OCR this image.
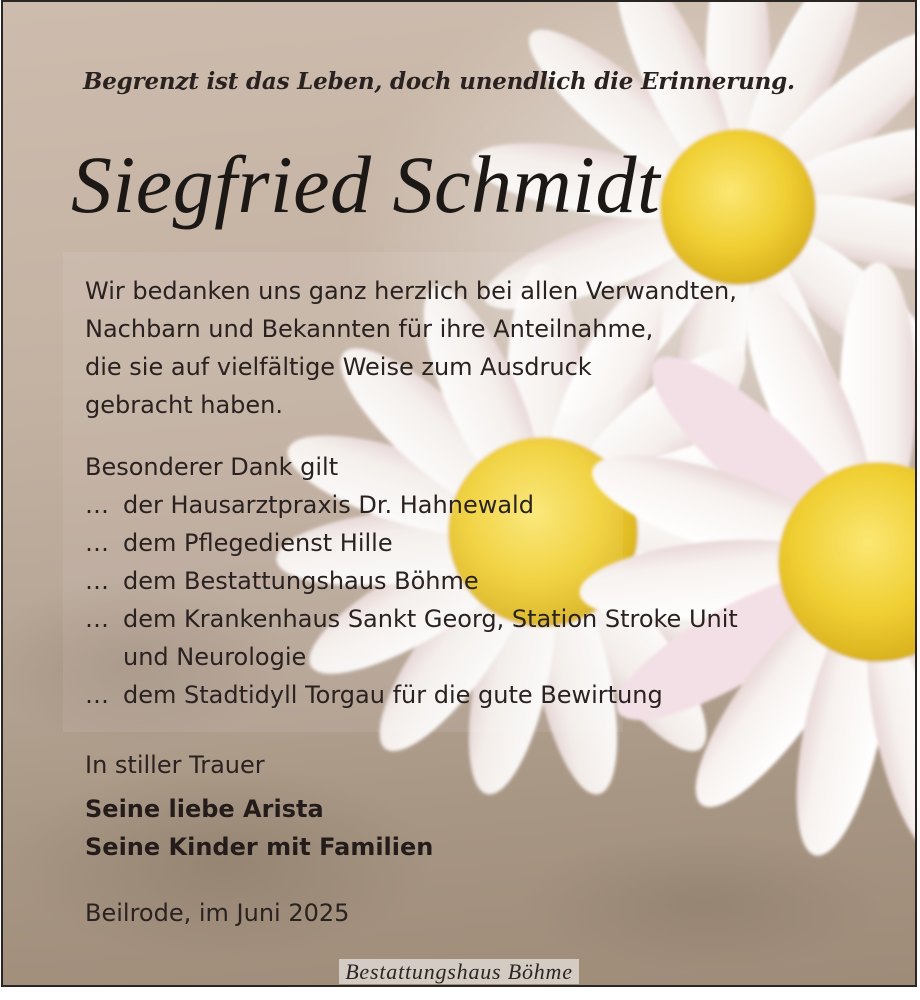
Begrenzt ist das Leben, doch unendlich die Erinnerung.
Siegfried Schmidt
Wir bedanken uns ganz herzlich bei allen Verwandten,
Nachbarn und Bekannten für ihre Anteilnahme,
die sie auf vielfältige Weise zum Ausdruck
gebracht haben.
Besonderer Dank gilt
… der Hausarztpraxis Dr. Hahnewald
… dem Pflegedienst Hille
… dem Bestattungshaus Böhme
… dem Krankenhaus Sankt Georg, Station Stroke Unit
und Neurologie
… dem Stadtidyll Torgau für die gute Bewirtung
In stiller Trauer
Seine liebe Arista
Seine Kinder mit Familien
Beilrode, im Juni 2025
Bestattungshaus Böhme
